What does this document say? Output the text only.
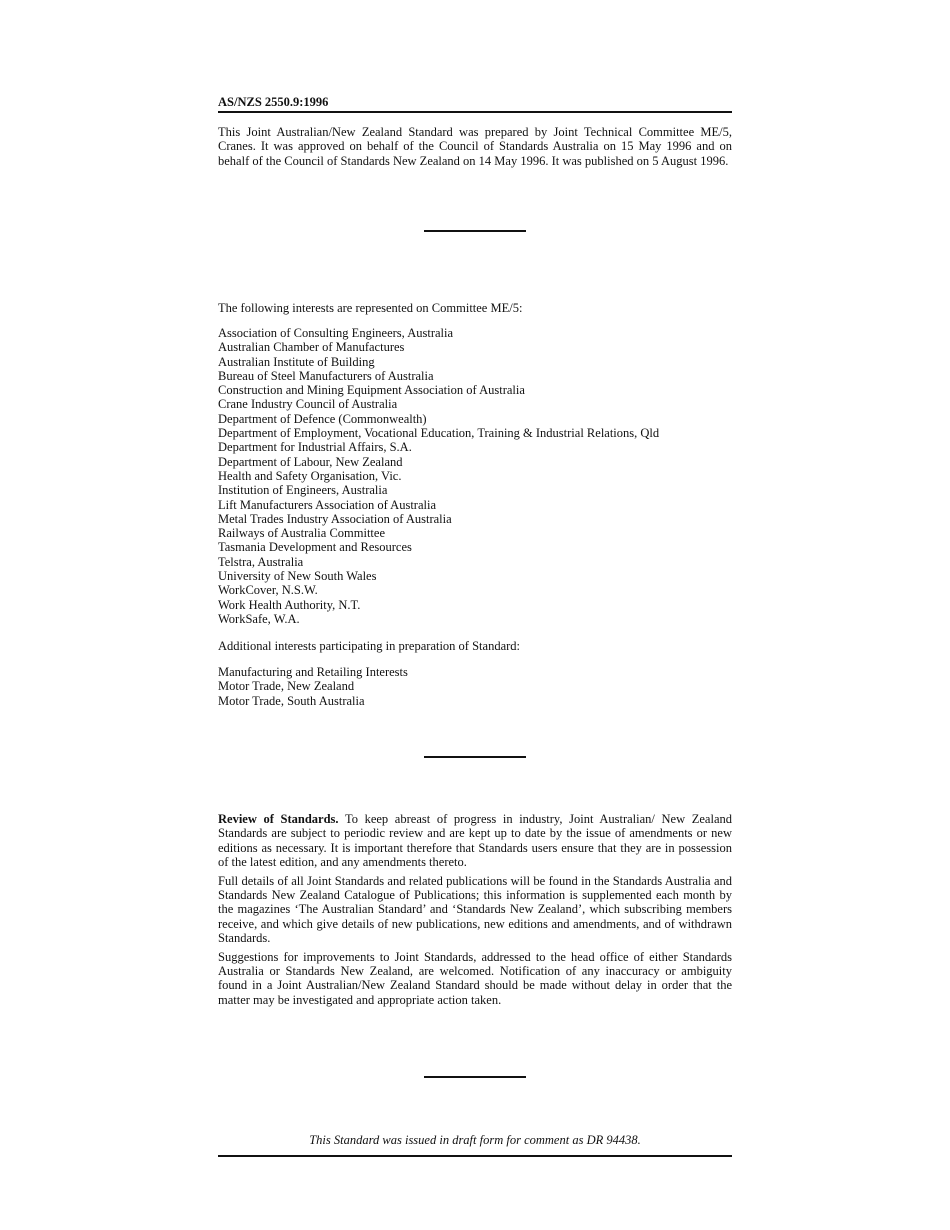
AS/NZS 2550.9:1996

This Joint Australian/New Zealand Standard was prepared by Joint Technical Committee ME/5, Cranes. It was approved on behalf of the Council of Standards Australia on 15 May 1996 and on behalf of the Council of Standards New Zealand on 14 May 1996. It was published on 5 August 1996.

The following interests are represented on Committee ME/5:

Association of Consulting Engineers, Australia
Australian Chamber of Manufactures
Australian Institute of Building
Bureau of Steel Manufacturers of Australia
Construction and Mining Equipment Association of Australia
Crane Industry Council of Australia
Department of Defence (Commonwealth)
Department of Employment, Vocational Education, Training & Industrial Relations, Qld
Department for Industrial Affairs, S.A.
Department of Labour, New Zealand
Health and Safety Organisation, Vic.
Institution of Engineers, Australia
Lift Manufacturers Association of Australia
Metal Trades Industry Association of Australia
Railways of Australia Committee
Tasmania Development and Resources
Telstra, Australia
University of New South Wales
WorkCover, N.S.W.
Work Health Authority, N.T.
WorkSafe, W.A.

Additional interests participating in preparation of Standard:

Manufacturing and Retailing Interests
Motor Trade, New Zealand
Motor Trade, South Australia

Review of Standards. To keep abreast of progress in industry, Joint Australian/ New Zealand Standards are subject to periodic review and are kept up to date by the issue of amendments or new editions as necessary. It is important therefore that Standards users ensure that they are in possession of the latest edition, and any amendments thereto.

Full details of all Joint Standards and related publications will be found in the Standards Australia and Standards New Zealand Catalogue of Publications; this information is supplemented each month by the magazines ‘The Australian Standard’ and ‘Standards New Zealand’, which subscribing members receive, and which give details of new publications, new editions and amendments, and of withdrawn Standards.

Suggestions for improvements to Joint Standards, addressed to the head office of either Standards Australia or Standards New Zealand, are welcomed. Notification of any inaccuracy or ambiguity found in a Joint Australian/New Zealand Standard should be made without delay in order that the matter may be investigated and appropriate action taken.

This Standard was issued in draft form for comment as DR 94438.
